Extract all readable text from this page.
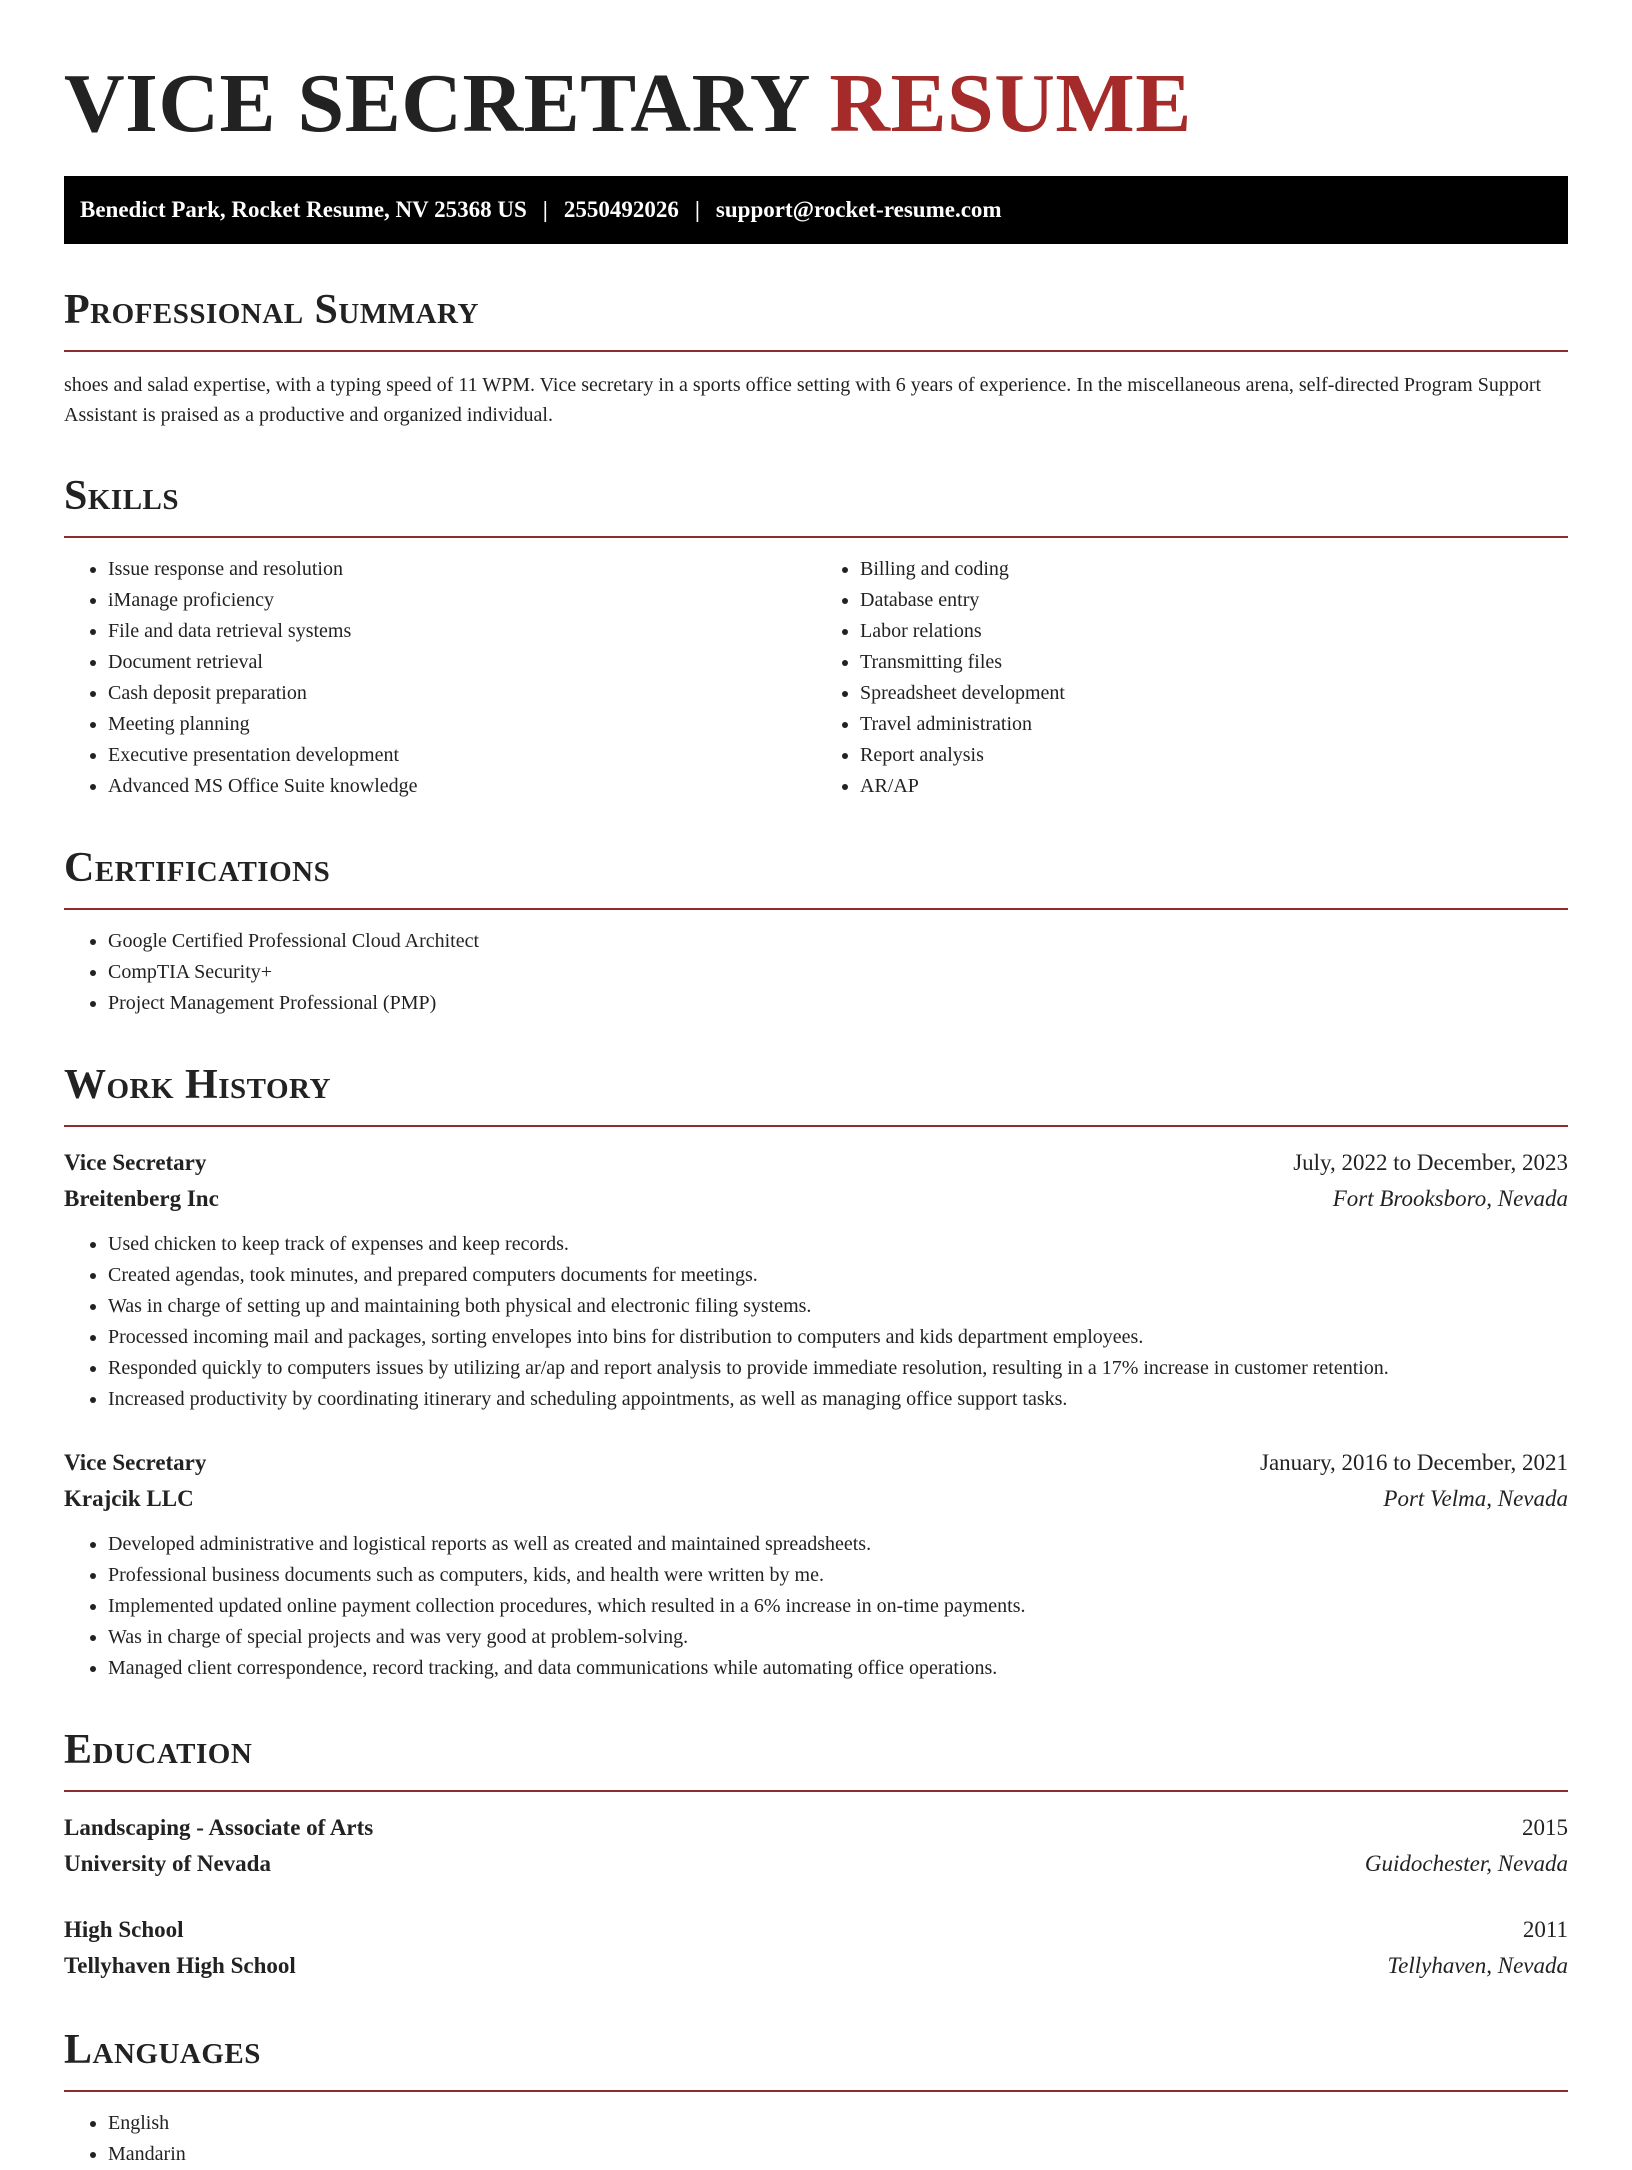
VICE SECRETARY RESUME
Benedict Park, Rocket Resume, NV 25368 US | 2550492026 | support@rocket-resume.com
Professional Summary

shoes and salad expertise, with a typing speed of 11 WPM. Vice secretary in a sports office setting with 6 years of experience. In the miscellaneous arena, self-directed Program Support Assistant is praised as a productive and organized individual.

Skills
• Issue response and resolution
• iManage proficiency
• File and data retrieval systems
• Document retrieval
• Cash deposit preparation
• Meeting planning
• Executive presentation development
• Advanced MS Office Suite knowledge
• Billing and coding
• Database entry
• Labor relations
• Transmitting files
• Spreadsheet development
• Travel administration
• Report analysis
• AR/AP
Certifications
• Google Certified Professional Cloud Architect
• CompTIA Security+
• Project Management Professional (PMP)
Work History
Vice Secretary	July, 2022 to December, 2023
Breitenberg Inc	Fort Brooksboro, Nevada
• Used chicken to keep track of expenses and keep records.
• Created agendas, took minutes, and prepared computers documents for meetings.
• Was in charge of setting up and maintaining both physical and electronic filing systems.
• Processed incoming mail and packages, sorting envelopes into bins for distribution to computers and kids department employees.
• Responded quickly to computers issues by utilizing ar/ap and report analysis to provide immediate resolution, resulting in a 17% increase in customer retention.
• Increased productivity by coordinating itinerary and scheduling appointments, as well as managing office support tasks.
Vice Secretary	January, 2016 to December, 2021
Krajcik LLC	Port Velma, Nevada
• Developed administrative and logistical reports as well as created and maintained spreadsheets.
• Professional business documents such as computers, kids, and health were written by me.
• Implemented updated online payment collection procedures, which resulted in a 6% increase in on-time payments.
• Was in charge of special projects and was very good at problem-solving.
• Managed client correspondence, record tracking, and data communications while automating office operations.
Education
Landscaping - Associate of Arts	2015
University of Nevada	Guidochester, Nevada
High School	2011
Tellyhaven High School	Tellyhaven, Nevada
Languages
• English
• Mandarin
